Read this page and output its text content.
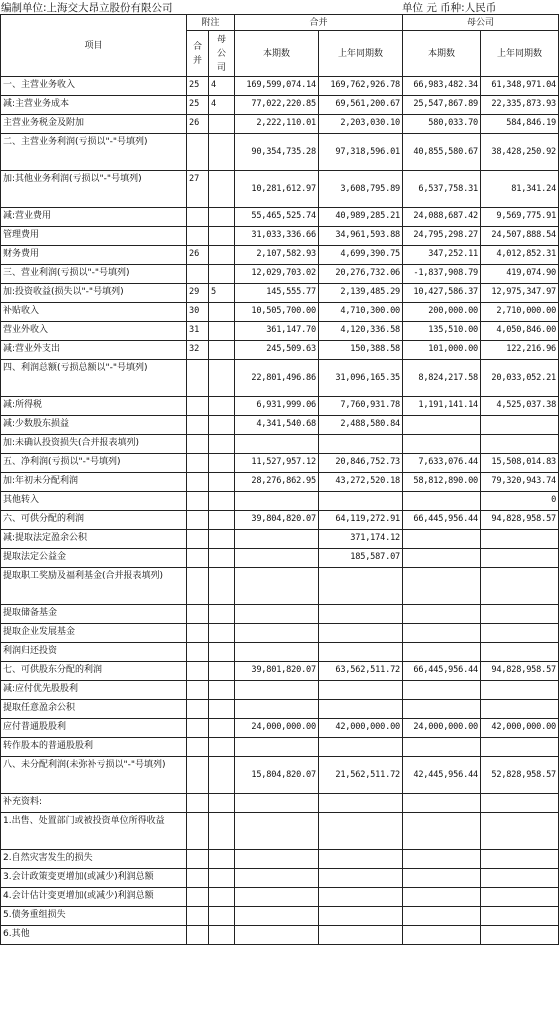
编制单位:上海交大昂立股份有限公司	单位 元 币种:人民币
项目	附注		合并		母公司	
	合并	母公司	本期数	上年同期数	本期数	上年同期数
一、主营业务收入	25	4	169,599,074.14	169,762,926.78	66,983,482.34	61,348,971.04
减:主营业务成本	25	4	77,022,220.85	69,561,200.67	25,547,867.89	22,335,873.93
主营业务税金及附加	26		2,222,110.01	2,203,030.10	580,033.70	584,846.19
二、主营业务利润(亏损以"-"号填列)			90,354,735.28	97,318,596.01	40,855,580.67	38,428,250.92
加:其他业务利润(亏损以"-"号填列)	27		10,281,612.97	3,608,795.89	6,537,758.31	81,341.24
减:营业费用			55,465,525.74	40,989,285.21	24,088,687.42	9,569,775.91
管理费用			31,033,336.66	34,961,593.88	24,795,298.27	24,507,888.54
财务费用	26		2,107,582.93	4,699,390.75	347,252.11	4,012,852.31
三、营业利润(亏损以"-"号填列)			12,029,703.02	20,276,732.06	-1,837,908.79	419,074.90
加:投资收益(损失以"-"号填列)	29	5	145,555.77	2,139,485.29	10,427,586.37	12,975,347.97
补贴收入	30		10,505,700.00	4,710,300.00	200,000.00	2,710,000.00
营业外收入	31		361,147.70	4,120,336.58	135,510.00	4,050,846.00
减:营业外支出	32		245,509.63	150,388.58	101,000.00	122,216.96
四、利润总额(亏损总额以"-"号填列)			22,801,496.86	31,096,165.35	8,824,217.58	20,033,052.21
减:所得税			6,931,999.06	7,760,931.78	1,191,141.14	4,525,037.38
减:少数股东损益			4,341,540.68	2,488,580.84		
加:未确认投资损失(合并报表填列)						
五、净利润(亏损以"-"号填列)			11,527,957.12	20,846,752.73	7,633,076.44	15,508,014.83
加:年初未分配利润			28,276,862.95	43,272,520.18	58,812,890.00	79,320,943.74
其他转入						0
六、可供分配的利润			39,804,820.07	64,119,272.91	66,445,956.44	94,828,958.57
减:提取法定盈余公积				371,174.12		
提取法定公益金				185,587.07		
提取职工奖励及福利基金(合并报表填列)						
提取储备基金						
提取企业发展基金						
利润归还投资						
七、可供股东分配的利润			39,801,820.07	63,562,511.72	66,445,956.44	94,828,958.57
减:应付优先股股利						
提取任意盈余公积						
应付普通股股利			24,000,000.00	42,000,000.00	24,000,000.00	42,000,000.00
转作股本的普通股股利						
八、未分配利润(未弥补亏损以"-"号填列)			15,804,820.07	21,562,511.72	42,445,956.44	52,828,958.57
补充资料:						
1.出售、处置部门或被投资单位所得收益						
2.自然灾害发生的损失						
3.会计政策变更增加(或减少)利润总额						
4.会计估计变更增加(或减少)利润总额						
5.债务重组损失						
6.其他						
